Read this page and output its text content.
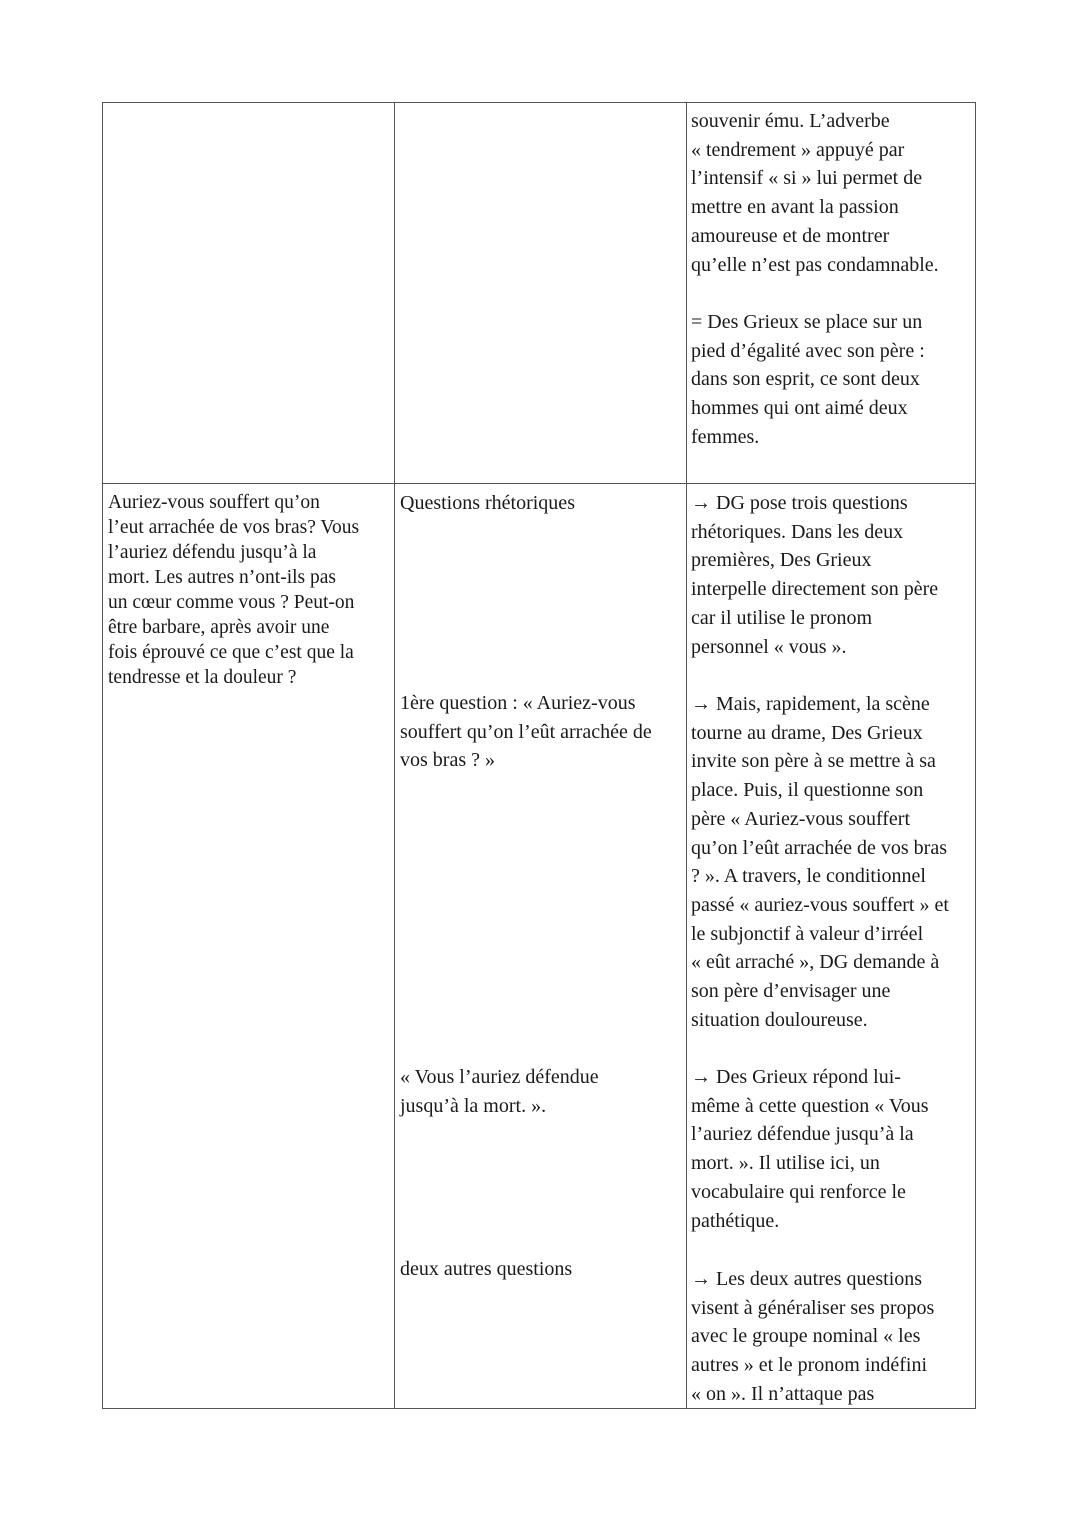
souvenir ému. L’adverbe
« tendrement » appuyé par
l’intensif « si » lui permet de
mettre en avant la passion
amoureuse et de montrer
qu’elle n’est pas condamnable.
= Des Grieux se place sur un
pied d’égalité avec son père :
dans son esprit, ce sont deux
hommes qui ont aimé deux
femmes.
Auriez-vous souffert qu’on
l’eut arrachée de vos bras? Vous
l’auriez défendu jusqu’à la
mort. Les autres n’ont-ils pas
un cœur comme vous ? Peut-on
être barbare, après avoir une
fois éprouvé ce que c’est que la
tendresse et la douleur ?
Questions rhétoriques
1ère question : « Auriez-vous
souffert qu’on l’eût arrachée de
vos bras ? »
« Vous l’auriez défendue
jusqu’à la mort. ».
deux autres questions
→ DG pose trois questions
rhétoriques. Dans les deux
premières, Des Grieux
interpelle directement son père
car il utilise le pronom
personnel « vous ».
→ Mais, rapidement, la scène
tourne au drame, Des Grieux
invite son père à se mettre à sa
place. Puis, il questionne son
père « Auriez-vous souffert
qu’on l’eût arrachée de vos bras
? ». A travers, le conditionnel
passé « auriez-vous souffert » et
le subjonctif à valeur d’irréel
« eût arraché », DG demande à
son père d’envisager une
situation douloureuse.
→ Des Grieux répond lui-
même à cette question « Vous
l’auriez défendue jusqu’à la
mort. ». Il utilise ici, un
vocabulaire qui renforce le
pathétique.
→ Les deux autres questions
visent à généraliser ses propos
avec le groupe nominal « les
autres » et le pronom indéfini
« on ». Il n’attaque pas
